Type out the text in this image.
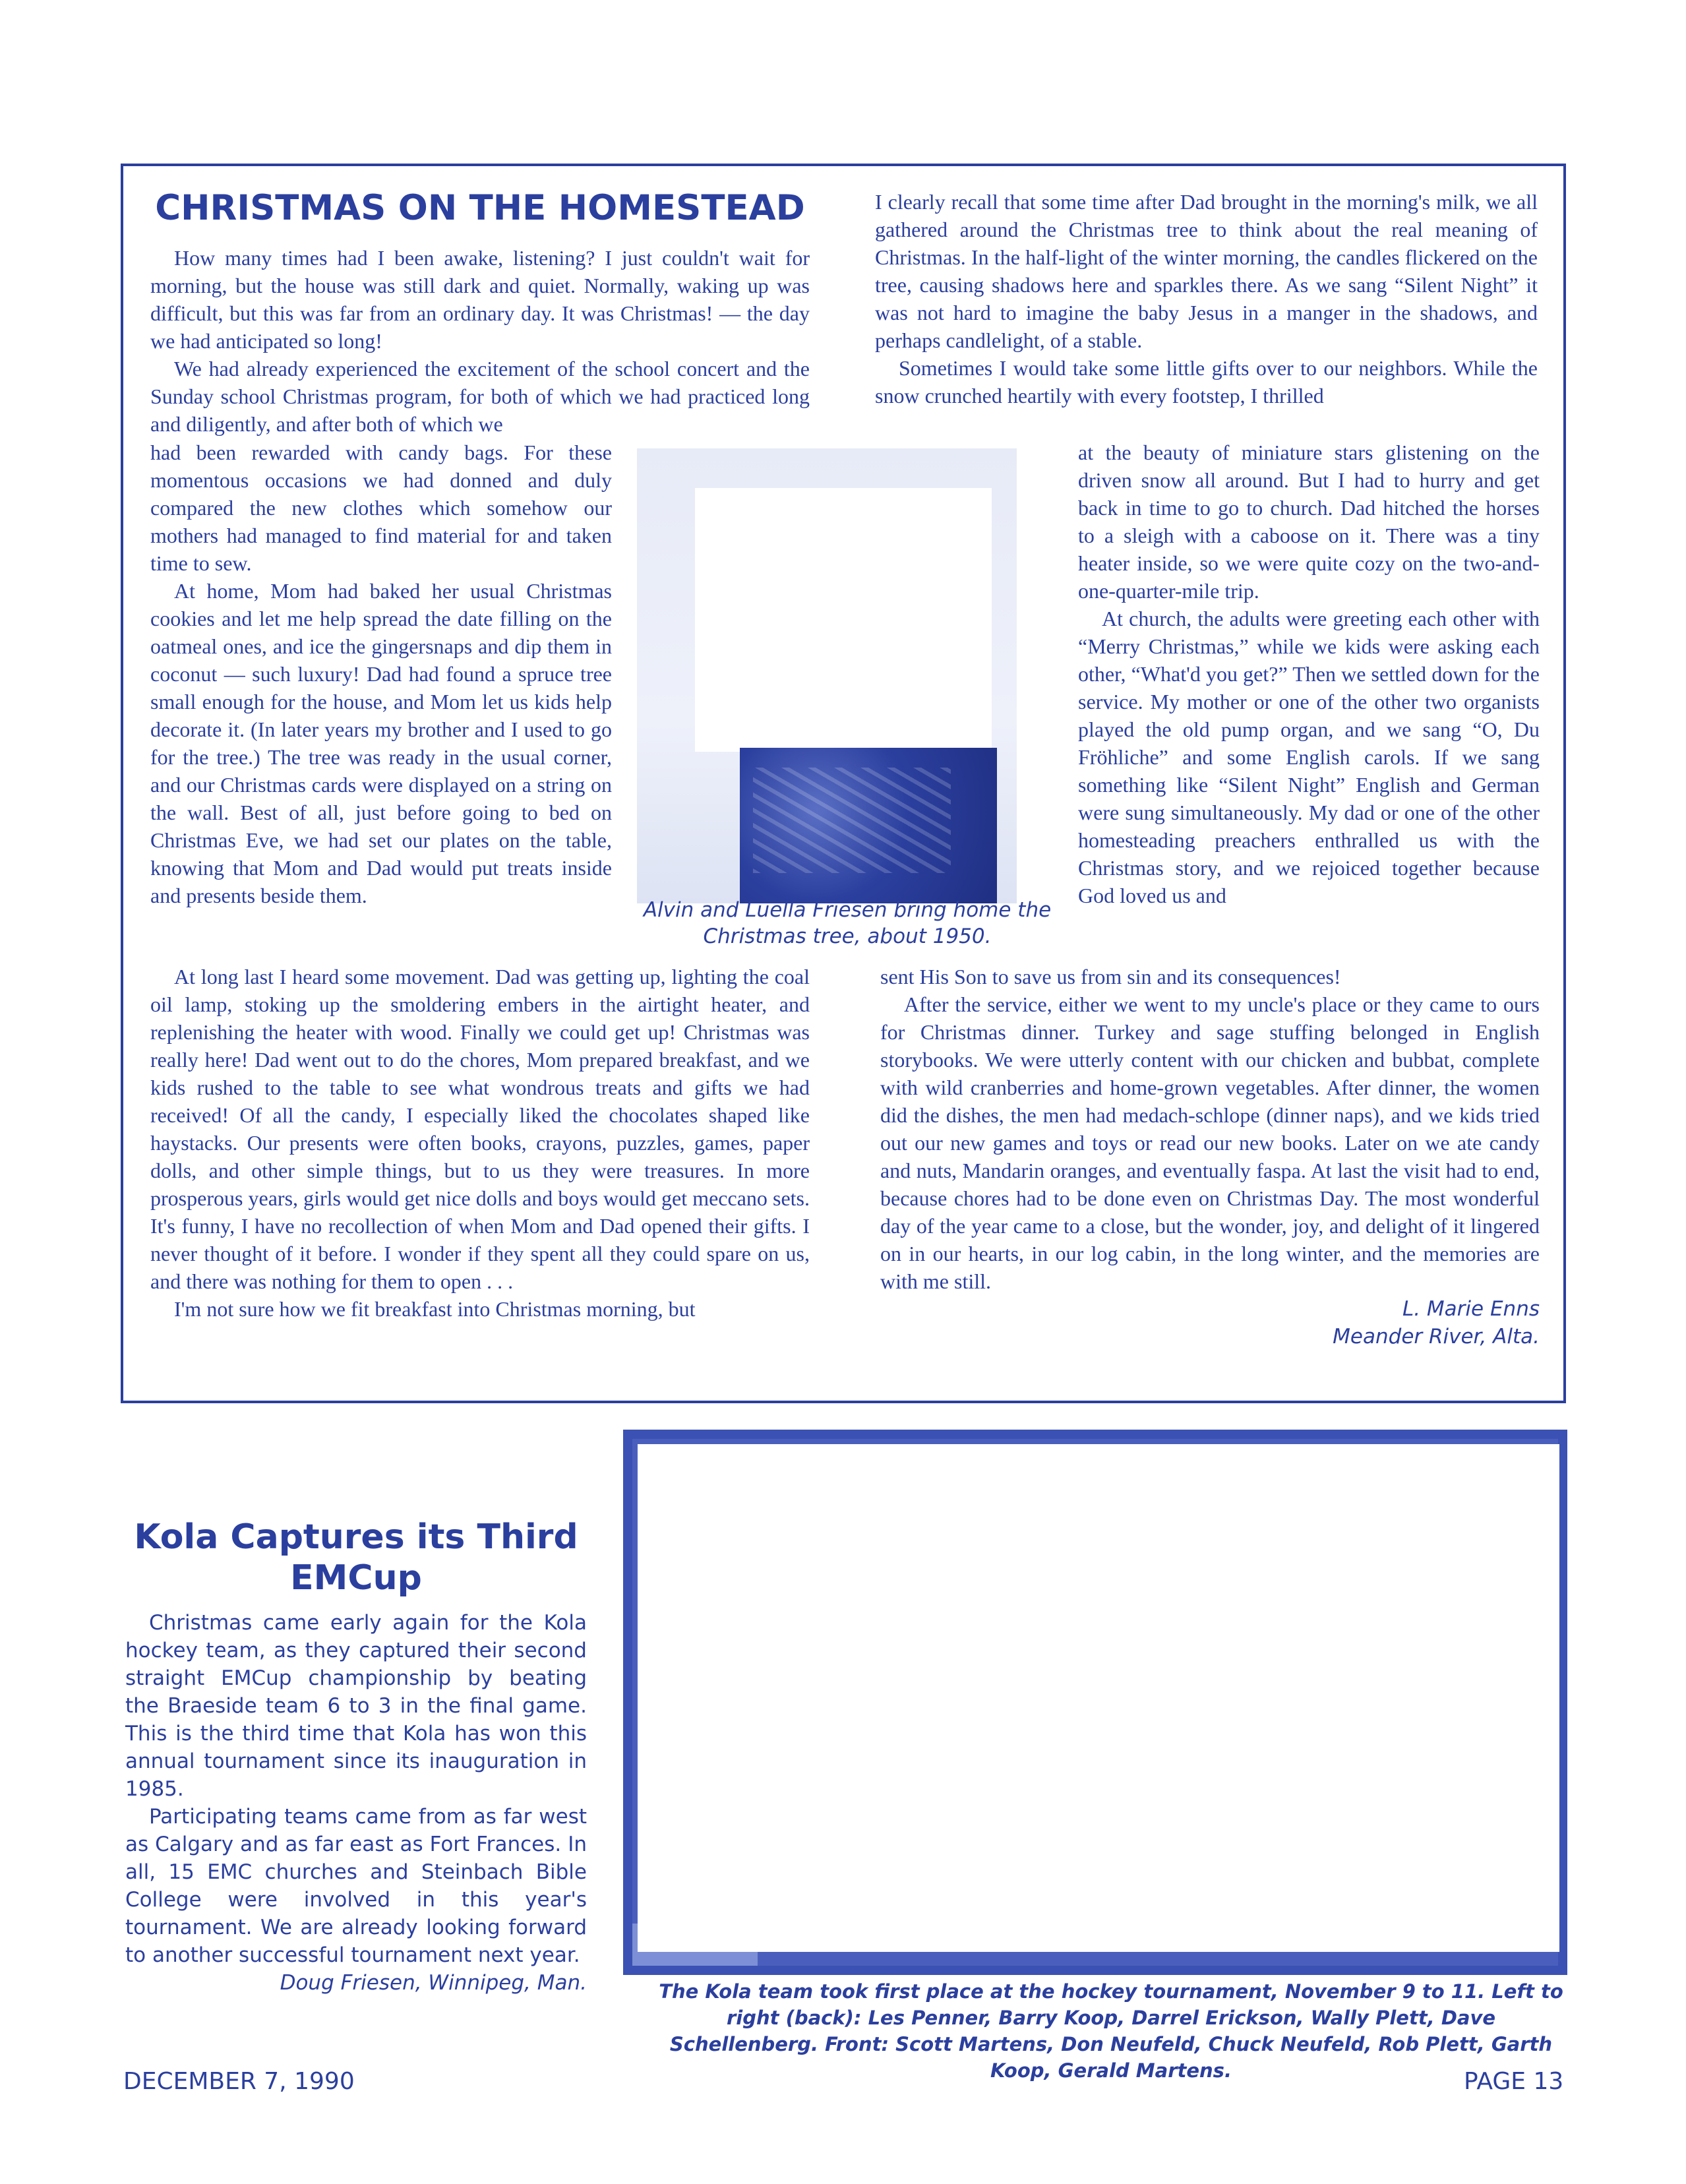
CHRISTMAS ON THE HOMESTEAD

How many times had I been awake, listening? I just couldn't wait for morning, but the house was still dark and quiet. Normally, waking up was difficult, but this was far from an ordinary day. It was Christmas! — the day we had anticipated so long!

We had already experienced the excitement of the school concert and the Sunday school Christmas program, for both of which we had practiced long and diligently, and after both of which we

had been rewarded with candy bags. For these momentous occasions we had donned and duly compared the new clothes which somehow our mothers had managed to find material for and taken time to sew.

At home, Mom had baked her usual Christmas cookies and let me help spread the date filling on the oatmeal ones, and ice the gingersnaps and dip them in coconut — such luxury! Dad had found a spruce tree small enough for the house, and Mom let us kids help decorate it. (In later years my brother and I used to go for the tree.) The tree was ready in the usual corner, and our Christmas cards were displayed on a string on the wall. Best of all, just before going to bed on Christmas Eve, we had set our plates on the table, knowing that Mom and Dad would put treats inside and presents beside them.

At long last I heard some movement. Dad was getting up, lighting the coal oil lamp, stoking up the smoldering embers in the airtight heater, and replenishing the heater with wood. Finally we could get up! Christmas was really here! Dad went out to do the chores, Mom prepared breakfast, and we kids rushed to the table to see what wondrous treats and gifts we had received! Of all the candy, I especially liked the chocolates shaped like haystacks. Our presents were often books, crayons, puzzles, games, paper dolls, and other simple things, but to us they were treasures. In more prosperous years, girls would get nice dolls and boys would get meccano sets. It's funny, I have no recollection of when Mom and Dad opened their gifts. I never thought of it before. I wonder if they spent all they could spare on us, and there was nothing for them to open . . .

I'm not sure how we fit breakfast into Christmas morning, but

Alvin and Luella Friesen bring home the Christmas tree, about 1950.

I clearly recall that some time after Dad brought in the morning's milk, we all gathered around the Christmas tree to think about the real meaning of Christmas. In the half-light of the winter morning, the candles flickered on the tree, causing shadows here and sparkles there. As we sang “Silent Night” it was not hard to imagine the baby Jesus in a manger in the shadows, and perhaps candlelight, of a stable.

Sometimes I would take some little gifts over to our neighbors. While the snow crunched heartily with every footstep, I thrilled

at the beauty of miniature stars glistening on the driven snow all around. But I had to hurry and get back in time to go to church. Dad hitched the horses to a sleigh with a caboose on it. There was a tiny heater inside, so we were quite cozy on the two-and-one-quarter-mile trip.

At church, the adults were greeting each other with “Merry Christmas,” while we kids were asking each other, “What'd you get?” Then we settled down for the service. My mother or one of the other two organists played the old pump organ, and we sang “O, Du Fröhliche” and some English carols. If we sang something like “Silent Night” English and German were sung simultaneously. My dad or one of the other homesteading preachers enthralled us with the Christmas story, and we rejoiced together because God loved us and

sent His Son to save us from sin and its consequences!

After the service, either we went to my uncle's place or they came to ours for Christmas dinner. Turkey and sage stuffing belonged in English storybooks. We were utterly content with our chicken and bubbat, complete with wild cranberries and home-grown vegetables. After dinner, the women did the dishes, the men had medach-schlope (dinner naps), and we kids tried out our new games and toys or read our new books. Later on we ate candy and nuts, Mandarin oranges, and eventually faspa. At last the visit had to end, because chores had to be done even on Christmas Day. The most wonderful day of the year came to a close, but the wonder, joy, and delight of it lingered on in our hearts, in our log cabin, in the long winter, and the memories are with me still.

L. Marie Enns
Meander River, Alta.
Kola Captures its Third EMCup

Christmas came early again for the Kola hockey team, as they captured their second straight EMCup championship by beating the Braeside team 6 to 3 in the final game. This is the third time that Kola has won this annual tournament since its inauguration in 1985.

Participating teams came from as far west as Calgary and as far east as Fort Frances. In all, 15 EMC churches and Steinbach Bible College were involved in this year's tournament. We are already looking forward to another successful tournament next year.

Doug Friesen, Winnipeg, Man.	The Kola team took first place at the hockey tournament, November 9 to 11. Left to right (back): Les Penner, Barry Koop, Darrel Erickson, Wally Plett, Dave Schellenberg. Front: Scott Martens, Don Neufeld, Chuck Neufeld, Rob Plett, Garth Koop, Gerald Martens.
DECEMBER 7, 1990	PAGE 13
